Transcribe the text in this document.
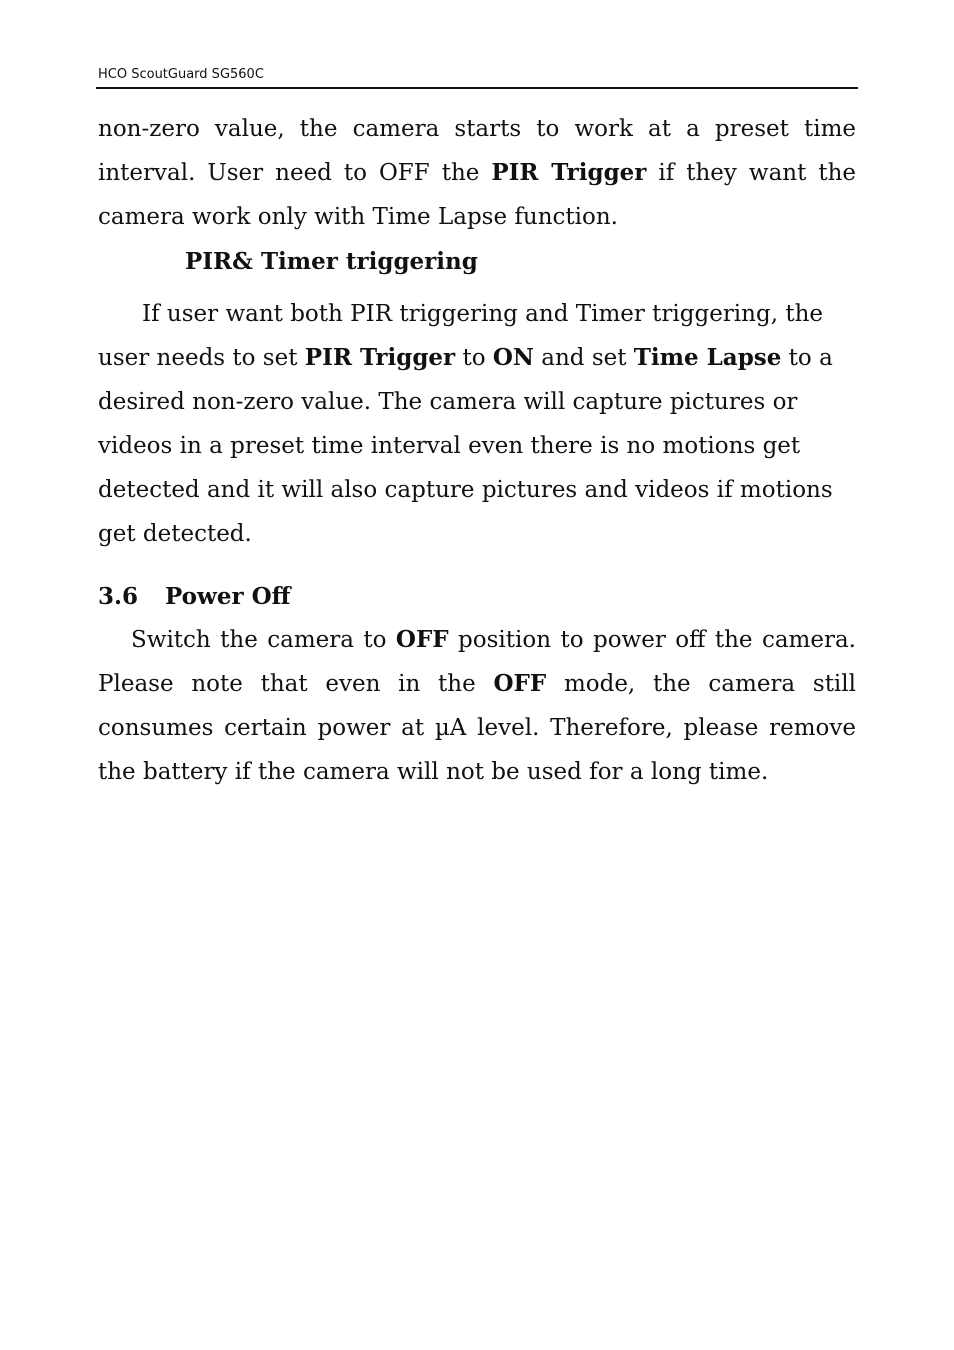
HCO ScoutGuard SG560C

non-zero value, the camera starts to work at a preset time interval. User need to OFF the PIR Trigger if they want the camera work only with Time Lapse function.

PIR& Timer triggering

If user want both PIR triggering and Timer triggering, the user needs to set PIR Trigger to ON and set Time Lapse to a desired non-zero value. The camera will capture pictures or videos in a preset time interval even there is no motions get detected and it will also capture pictures and videos if motions get detected.

3.6 Power Off

Switch the camera to OFF position to power off the camera. Please note that even in the OFF mode, the camera still consumes certain power at µA level. Therefore, please remove the battery if the camera will not be used for a long time.
